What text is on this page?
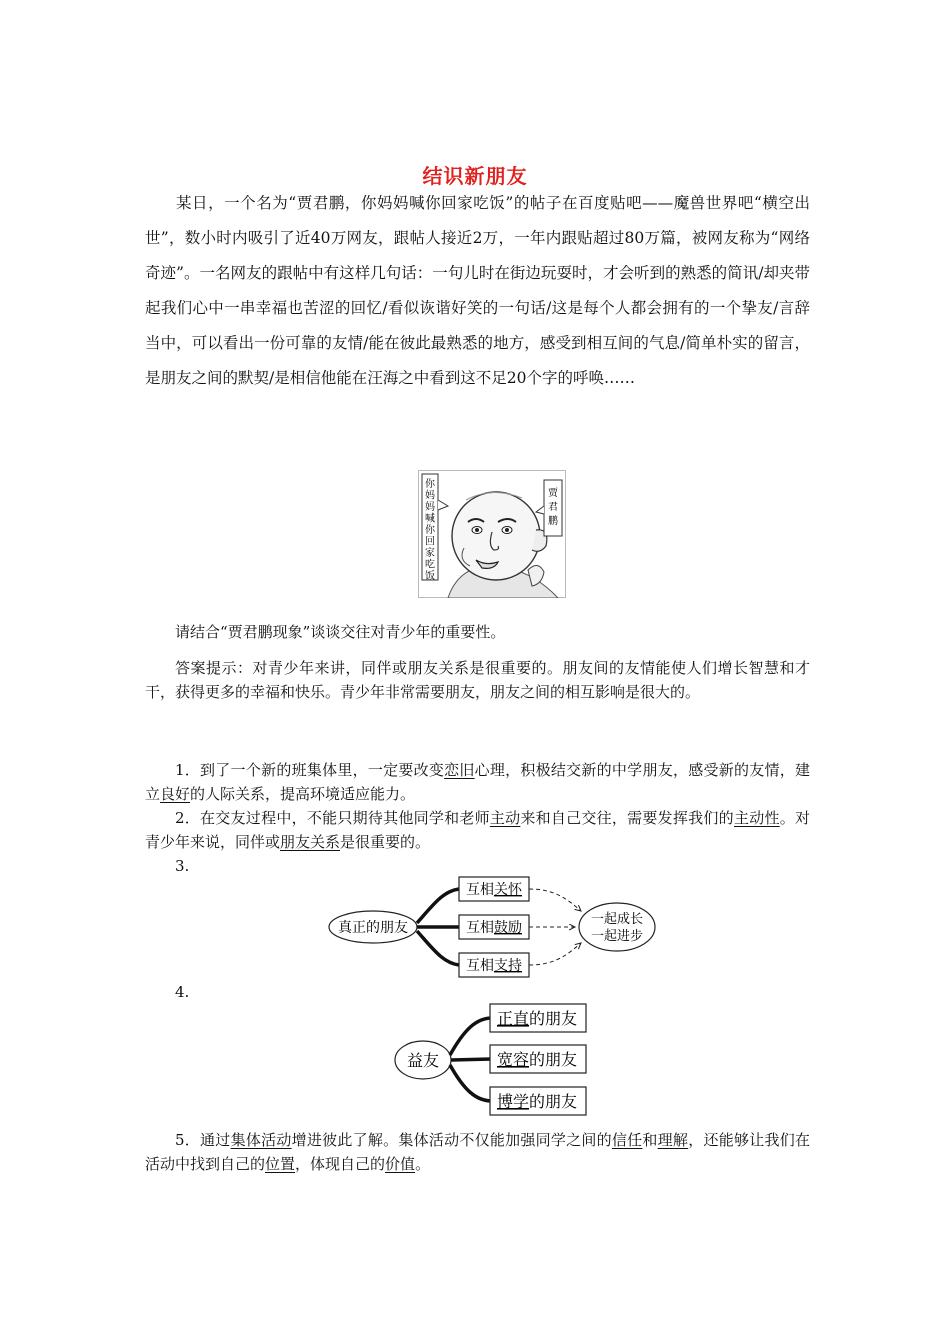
结识新朋友

某日，一个名为“贾君鹏，你妈妈喊你回家吃饭”的帖子在百度贴吧——魔兽世界吧“横空出世”，数小时内吸引了近40万网友，跟帖人接近2万，一年内跟贴超过80万篇，被网友称为“网络奇迹”。一名网友的跟帖中有这样几句话：一句儿时在街边玩耍时，才会听到的熟悉的简讯/却夹带起我们心中一串幸福也苦涩的回忆/看似诙谐好笑的一句话/这是每个人都会拥有的一个挚友/言辞当中，可以看出一份可靠的友情/能在彼此最熟悉的地方，感受到相互间的气息/简单朴实的留言，是朋友之间的默契/是相信他能在汪海之中看到这不足20个字的呼唤……

你
妈
妈
喊
你
回
家
吃
饭
贾
君
鹏

请结合“贾君鹏现象”谈谈交往对青少年的重要性。

答案提示：对青少年来讲，同伴或朋友关系是很重要的。朋友间的友情能使人们增长智慧和才干，获得更多的幸福和快乐。青少年非常需要朋友，朋友之间的相互影响是很大的。

1．到了一个新的班集体里，一定要改变恋旧心理，积极结交新的中学朋友，感受新的友情，建立良好的人际关系，提高环境适应能力。

2．在交友过程中，不能只期待其他同学和老师主动来和自己交往，需要发挥我们的主动性。对青少年来说，同伴或朋友关系是很重要的。

3.
真正的朋友
互相关怀
互相鼓励
互相支持
一起成长
一起进步
4.
益友
正直的朋友
宽容的朋友
博学的朋友

5．通过集体活动增进彼此了解。集体活动不仅能加强同学之间的信任和理解，还能够让我们在活动中找到自己的位置，体现自己的价值。
